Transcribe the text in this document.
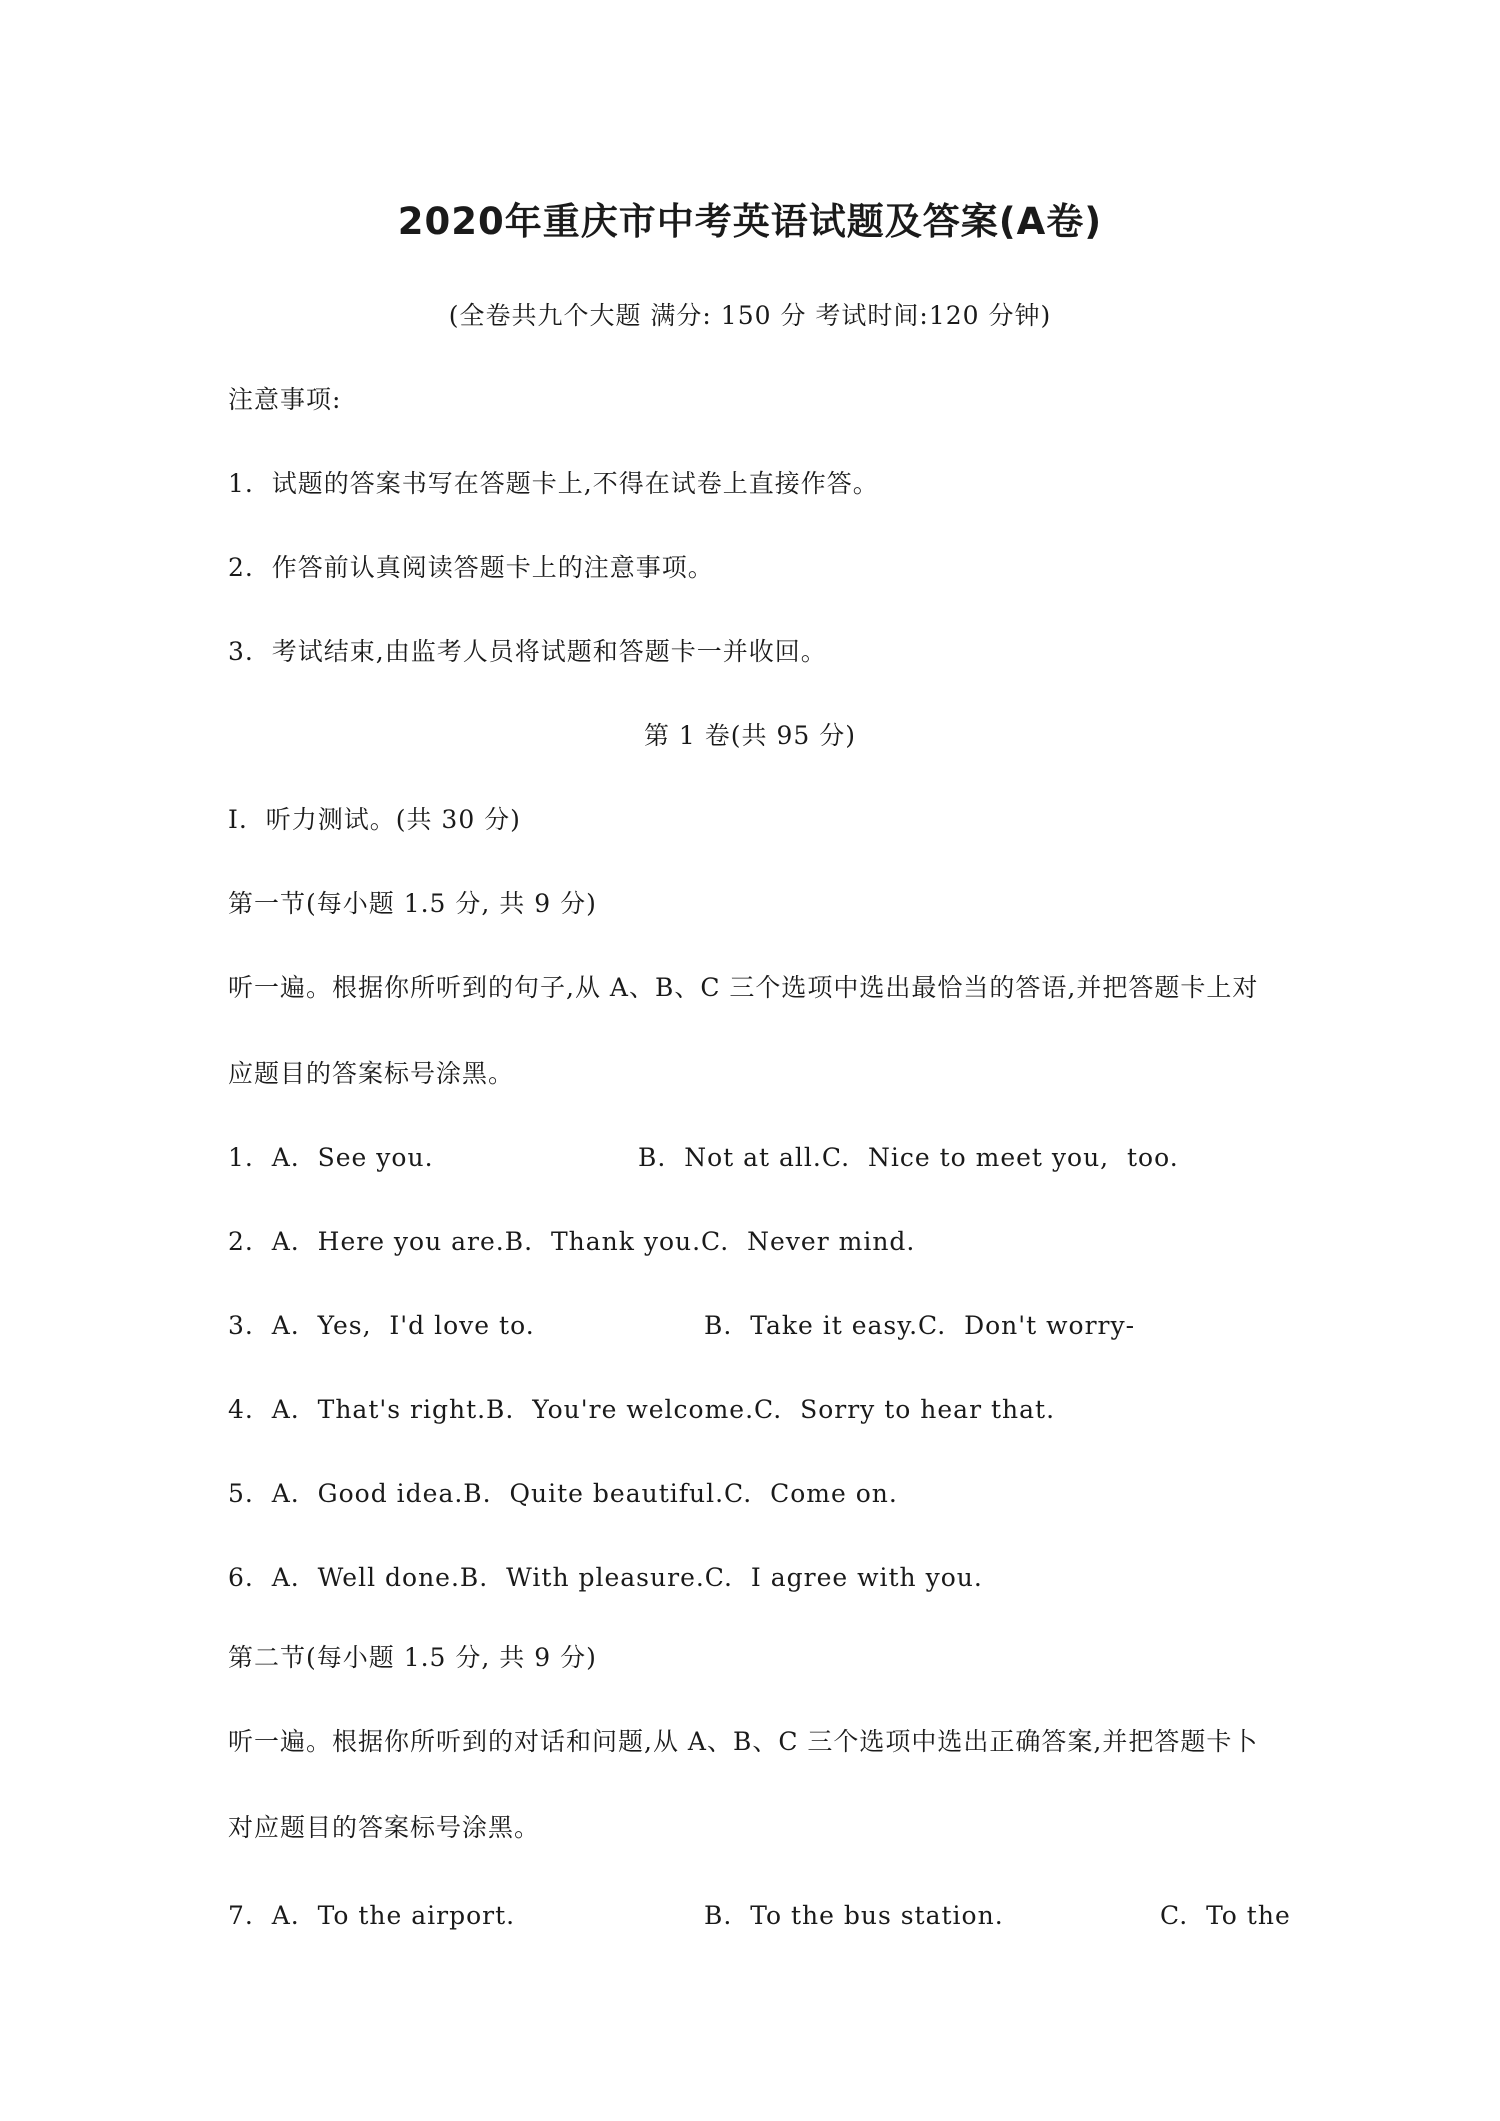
2020年重庆市中考英语试题及答案(A卷)
(全卷共九个大题 满分: 150 分 考试时间:120 分钟)
注意事项:
1.  试题的答案书写在答题卡上,不得在试卷上直接作答。
2.  作答前认真阅读答题卡上的注意事项。
3.  考试结束,由监考人员将试题和答题卡一并收回。
第 1 卷(共 95 分)
I.  听力测试。(共 30 分)
第一节(每小题 1.5 分, 共 9 分)
听一遍。根据你所听到的句子,从 A、B、C 三个选项中选出最恰当的答语,并把答题卡上对
应题目的答案标号涂黑。
1.  A.  See you.	B.  Not at all.C.  Nice to meet you,  too.
2.  A.  Here you are.B.  Thank you.C.  Never mind.
3.  A.  Yes,  I'd love to.	B.  Take it easy.C.  Don't worry-
4.  A.  That's right.B.  You're welcome.C.  Sorry to hear that.
5.  A.  Good idea.B.  Quite beautiful.C.  Come on.
6.  A.  Well done.B.  With pleasure.C.  I agree with you.
第二节(每小题 1.5 分, 共 9 分)
听一遍。根据你所听到的对话和问题,从 A、B、C 三个选项中选出正确答案,并把答题卡卜
对应题目的答案标号涂黑。
7.  A.  To the airport.	B.  To the bus station.	C.  To the
